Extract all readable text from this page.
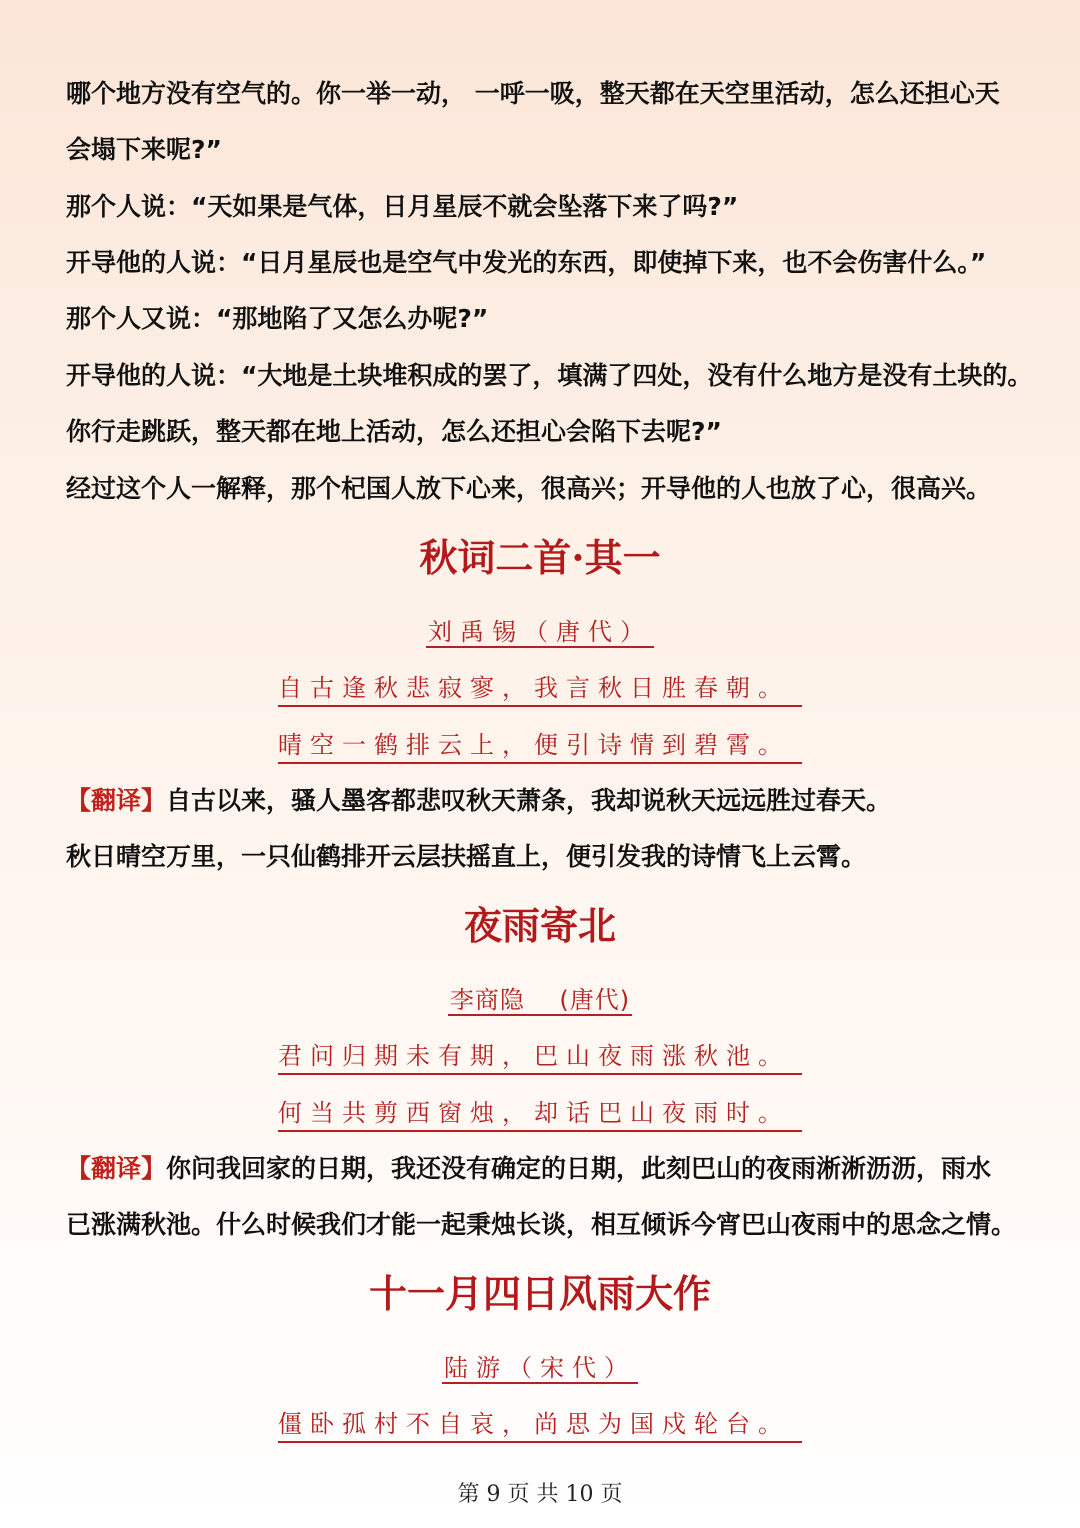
哪个地方没有空气的。你一举一动， 一呼一吸，整天都在天空里活动，怎么还担心天
会塌下来呢?”
那个人说：“天如果是气体，日月星辰不就会坠落下来了吗?”
开导他的人说：“日月星辰也是空气中发光的东西，即使掉下来，也不会伤害什么。”
那个人又说：“那地陷了又怎么办呢?”
开导他的人说：“大地是土块堆积成的罢了，填满了四处，没有什么地方是没有土块的。
你行走跳跃，整天都在地上活动，怎么还担心会陷下去呢?”
经过这个人一解释，那个杞国人放下心来，很高兴；开导他的人也放了心，很高兴。
秋词二首·其一
刘禹锡（唐代）
自古逢秋悲寂寥，我言秋日胜春朝。
晴空一鹤排云上，便引诗情到碧霄。
【翻译】自古以来，骚人墨客都悲叹秋天萧条，我却说秋天远远胜过春天。
秋日晴空万里，一只仙鹤排开云层扶摇直上，便引发我的诗情飞上云霄。
夜雨寄北
李商隐    (唐代)
君问归期未有期，巴山夜雨涨秋池。
何当共剪西窗烛，却话巴山夜雨时。
【翻译】你问我回家的日期，我还没有确定的日期，此刻巴山的夜雨淅淅沥沥，雨水
已涨满秋池。什么时候我们才能一起秉烛长谈，相互倾诉今宵巴山夜雨中的思念之情。
十一月四日风雨大作
陆游（宋代）
僵卧孤村不自哀，尚思为国戍轮台。
第 9 页 共 10 页
